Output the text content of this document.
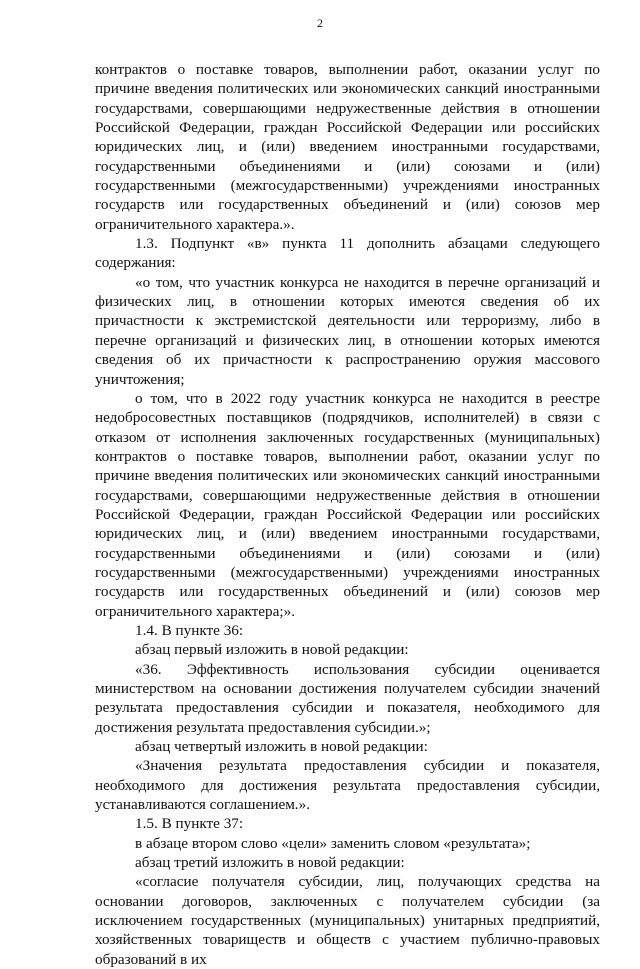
2

контрактов о поставке товаров, выполнении работ, оказании услуг по причине введения политических или экономических санкций иностранными государствами, совершающими недружественные действия в отношении Российской Федерации, граждан Российской Федерации или российских юридических лиц, и (или) введением иностранными государствами, государственными объединениями и (или) союзами и (или) государственными (межгосударственными) учреждениями иностранных государств или государственных объединений и (или) союзов мер ограничительного характера.».

1.3. Подпункт «в» пункта 11 дополнить абзацами следующего содержания:

«о том, что участник конкурса не находится в перечне организаций и физических лиц, в отношении которых имеются сведения об их причастности к экстремистской деятельности или терроризму, либо в перечне организаций и физических лиц, в отношении которых имеются сведения об их причастности к распространению оружия массового уничтожения;

о том, что в 2022 году участник конкурса не находится в реестре недобросовестных поставщиков (подрядчиков, исполнителей) в связи с отказом от исполнения заключенных государственных (муниципальных) контрактов о поставке товаров, выполнении работ, оказании услуг по причине введения политических или экономических санкций иностранными государствами, совершающими недружественные действия в отношении Российской Федерации, граждан Российской Федерации или российских юридических лиц, и (или) введением иностранными государствами, государственными объединениями и (или) союзами и (или) государственными (межгосударственными) учреждениями иностранных государств или государственных объединений и (или) союзов мер ограничительного характера;».

1.4. В пункте 36:

абзац первый изложить в новой редакции:

«36. Эффективность использования субсидии оценивается министерством на основании достижения получателем субсидии значений результата предоставления субсидии и показателя, необходимого для достижения результата предоставления субсидии.»;

абзац четвертый изложить в новой редакции:

«Значения результата предоставления субсидии и показателя, необходимого для достижения результата предоставления субсидии, устанавливаются соглашением.».

1.5. В пункте 37:

в абзаце втором слово «цели» заменить словом «результата»;

абзац третий изложить в новой редакции:

«согласие получателя субсидии, лиц, получающих средства на основании договоров, заключенных с получателем субсидии (за исключением государственных (муниципальных) унитарных предприятий, хозяйственных товариществ и обществ с участием публично-правовых образований в их
